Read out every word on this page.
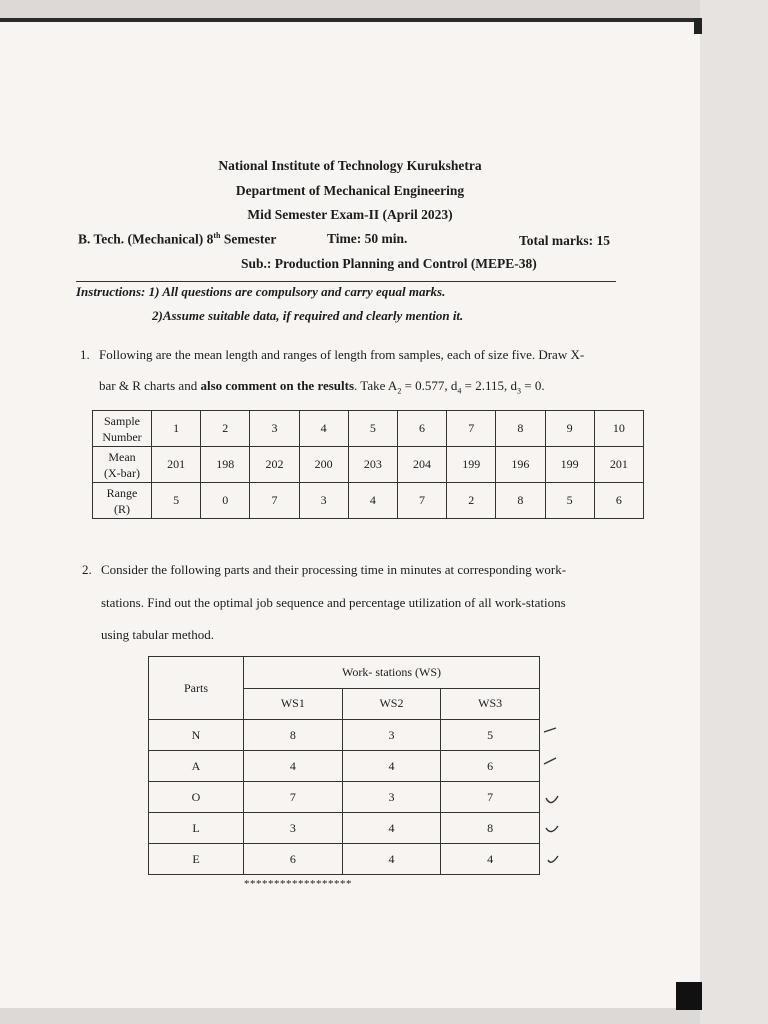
National Institute of Technology Kurukshetra
Department of Mechanical Engineering
Mid Semester Exam-II (April 2023)
B. Tech. (Mechanical) 8th Semester	Time: 50 min.	Total marks: 15
Sub.: Production Planning and Control (MEPE-38)
Instructions: 1) All questions are compulsory and carry equal marks.
2)Assume suitable data, if required and clearly mention it.
1. Following are the mean length and ranges of length from samples, each of size five. Draw X-
bar & R charts and also comment on the results. Take $A_2 = 0.577$, $d_4 = 2.115$, $d_3 = 0$.
Sample
Number	1	2	3	4	5	6	7	8	9	10
Mean
(X-bar)	201	198	202	200	203	204	199	196	199	201
Range
(R)	5	0	7	3	4	7	2	8	5	6
2. Consider the following parts and their processing time in minutes at corresponding work-
stations. Find out the optimal job sequence and percentage utilization of all work-stations
using tabular method.
Parts	Work- stations (WS)		
	WS1	WS2	WS3
N	8	3	5
A	4	4	6
O	7	3	7
L	3	4	8
E	6	4	4
******************
